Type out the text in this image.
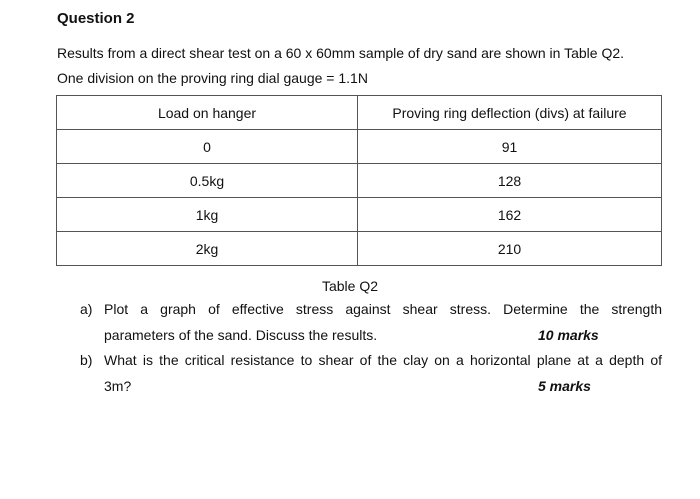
Question 2
Results from a direct shear test on a 60 x 60mm sample of dry sand are shown in Table Q2.
One division on the proving ring dial gauge = 1.1N
Load on hanger	Proving ring deflection (divs) at failure
0	91
0.5kg	128
1kg	162
2kg	210
Table Q2
a) Plot a graph of effective stress against shear stress. Determine the strength
parameters of the sand. Discuss the results.	10 marks
b) What is the critical resistance to shear of the clay on a horizontal plane at a depth of
3m?	5 marks
